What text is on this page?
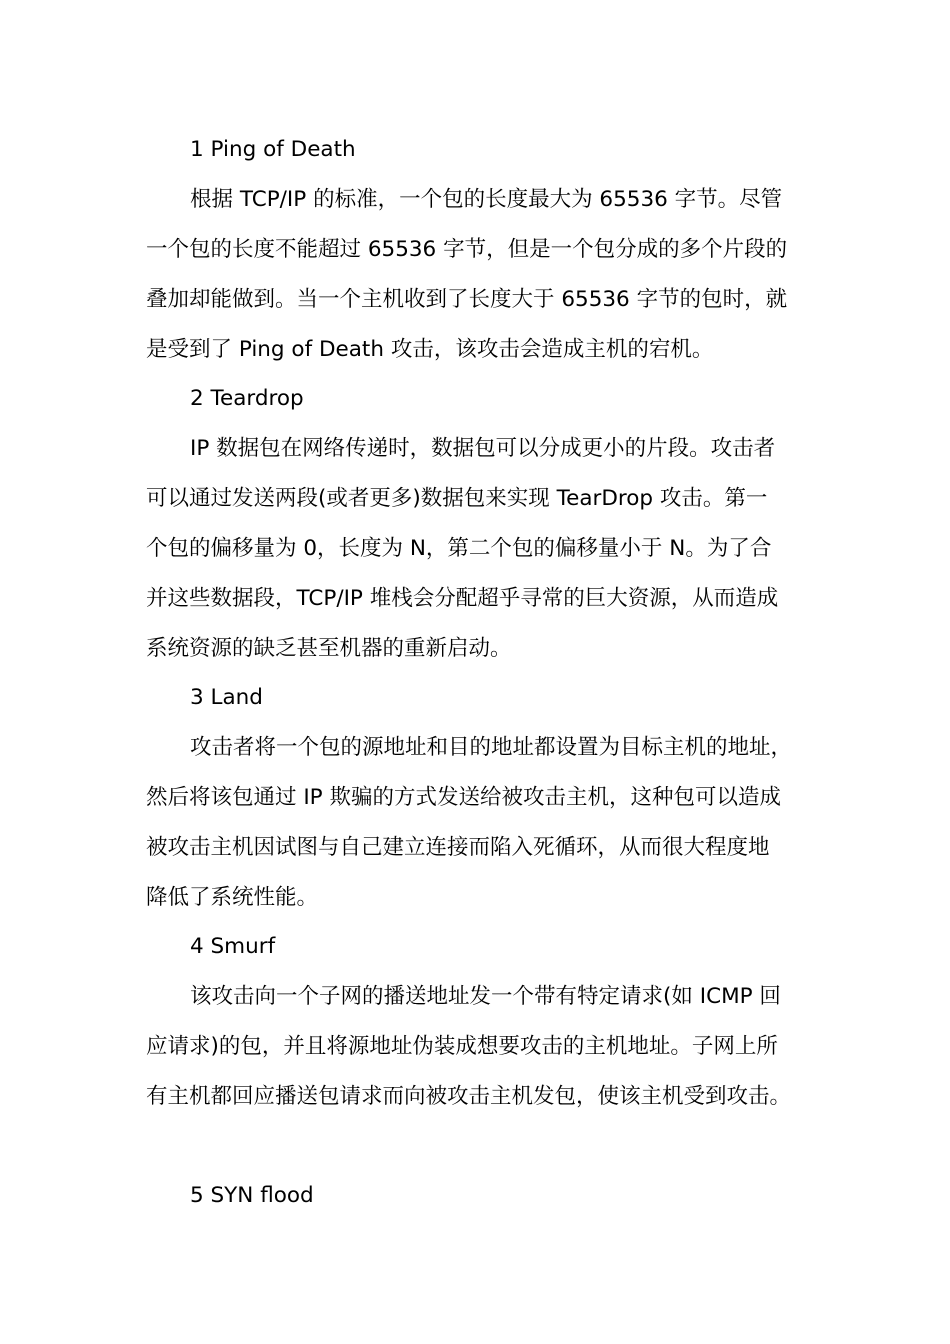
1 Ping of Death
根据 TCP/IP 的标准，一个包的长度最大为 65536 字节。尽管
一个包的长度不能超过 65536 字节，但是一个包分成的多个片段的
叠加却能做到。当一个主机收到了长度大于 65536 字节的包时，就
是受到了 Ping of Death 攻击，该攻击会造成主机的宕机。
2 Teardrop
IP 数据包在网络传递时，数据包可以分成更小的片段。攻击者
可以通过发送两段(或者更多)数据包来实现 TearDrop 攻击。第一
个包的偏移量为 0，长度为 N，第二个包的偏移量小于 N。为了合
并这些数据段，TCP/IP 堆栈会分配超乎寻常的巨大资源，从而造成
系统资源的缺乏甚至机器的重新启动。
3 Land
攻击者将一个包的源地址和目的地址都设置为目标主机的地址，
然后将该包通过 IP 欺骗的方式发送给被攻击主机，这种包可以造成
被攻击主机因试图与自己建立连接而陷入死循环，从而很大程度地
降低了系统性能。
4 Smurf
该攻击向一个子网的播送地址发一个带有特定请求(如 ICMP 回
应请求)的包，并且将源地址伪装成想要攻击的主机地址。子网上所
有主机都回应播送包请求而向被攻击主机发包，使该主机受到攻击。
5 SYN flood
